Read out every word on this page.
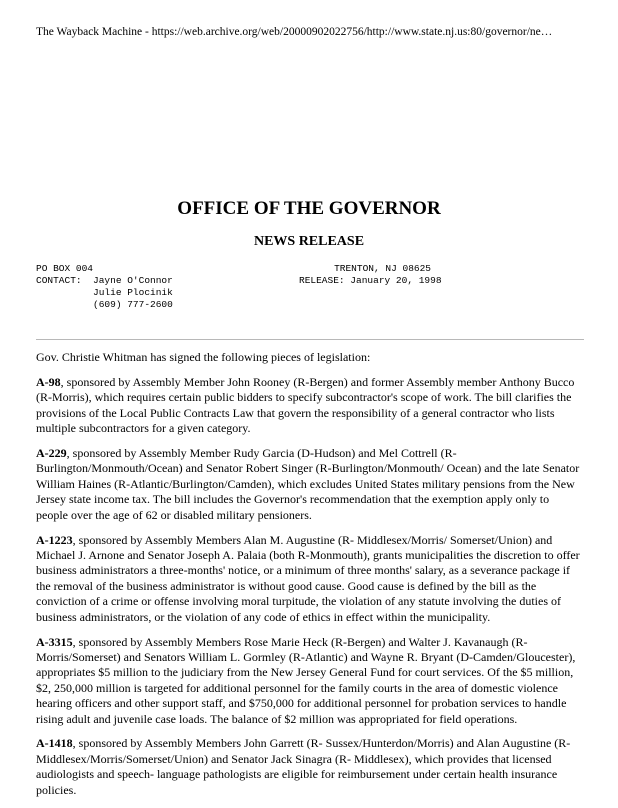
The Wayback Machine - https://web.archive.org/web/20000902022756/http://www.state.nj.us:80/governor/ne…
OFFICE OF THE GOVERNOR
NEWS RELEASE
PO BOX 004
CONTACT: Jayne O'Connor
Julie Plocinik
(609) 777-2600
TRENTON, NJ 08625
RELEASE: January 20, 1998

Gov. Christie Whitman has signed the following pieces of legislation:

A-98, sponsored by Assembly Member John Rooney (R-Bergen) and former Assembly member Anthony Bucco (R-Morris), which requires certain public bidders to specify subcontractor's scope of work. The bill clarifies the provisions of the Local Public Contracts Law that govern the responsibility of a general contractor who lists multiple subcontractors for a given category.

A-229, sponsored by Assembly Member Rudy Garcia (D-Hudson) and Mel Cottrell (R-Burlington/Monmouth/Ocean) and Senator Robert Singer (R-Burlington/Monmouth/ Ocean) and the late Senator William Haines (R-Atlantic/Burlington/Camden), which excludes United States military pensions from the New Jersey state income tax. The bill includes the Governor's recommendation that the exemption apply only to people over the age of 62 or disabled military pensioners.

A-1223, sponsored by Assembly Members Alan M. Augustine (R- Middlesex/Morris/ Somerset/Union) and Michael J. Arnone and Senator Joseph A. Palaia (both R-Monmouth), grants municipalities the discretion to offer business administrators a three-months' notice, or a minimum of three months' salary, as a severance package if the removal of the business administrator is without good cause. Good cause is defined by the bill as the conviction of a crime or offense involving moral turpitude, the violation of any statute involving the duties of business administrators, or the violation of any code of ethics in effect within the municipality.

A-3315, sponsored by Assembly Members Rose Marie Heck (R-Bergen) and Walter J. Kavanaugh (R-Morris/Somerset) and Senators William L. Gormley (R-Atlantic) and Wayne R. Bryant (D-Camden/Gloucester), appropriates $5 million to the judiciary from the New Jersey General Fund for court services. Of the $5 million, $2, 250,000 million is targeted for additional personnel for the family courts in the area of domestic violence hearing officers and other support staff, and $750,000 for additional personnel for probation services to handle rising adult and juvenile case loads. The balance of $2 million was appropriated for field operations.

A-1418, sponsored by Assembly Members John Garrett (R- Sussex/Hunterdon/Morris) and Alan Augustine (R-Middlesex/Morris/Somerset/Union) and Senator Jack Sinagra (R- Middlesex), which provides that licensed audiologists and speech- language pathologists are eligible for reimbursement under certain health insurance policies.
